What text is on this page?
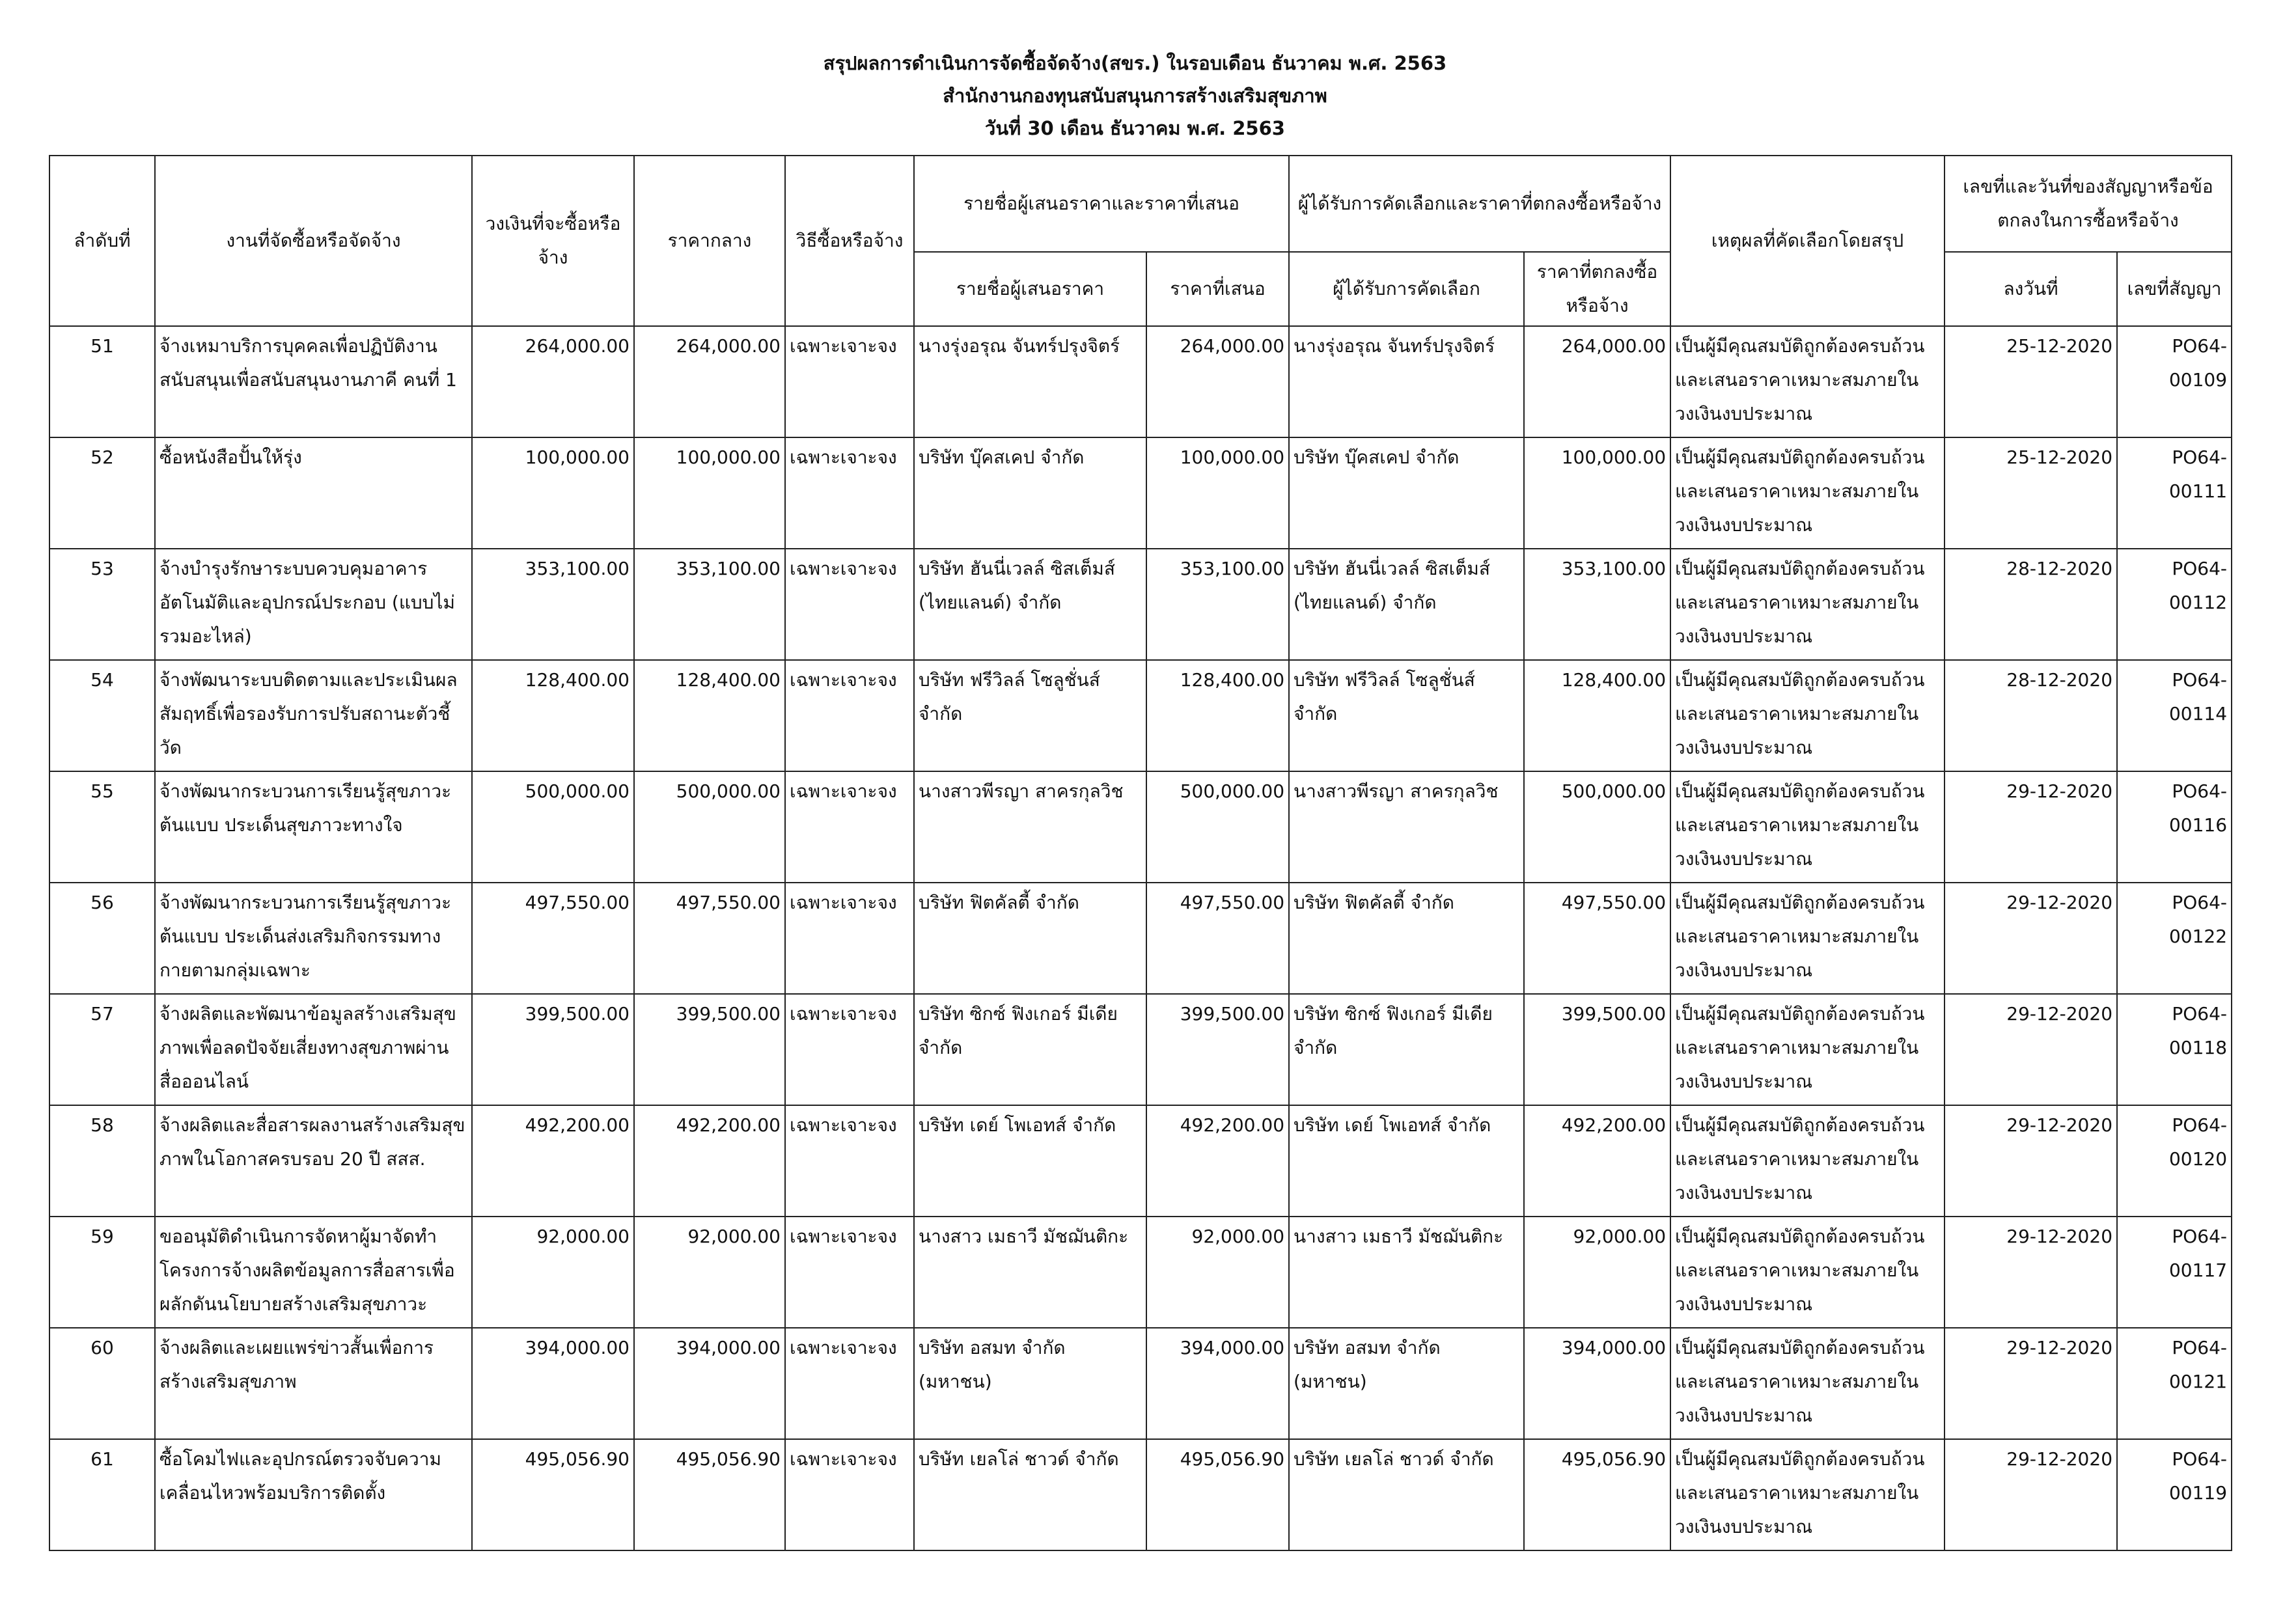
สรุปผลการดำเนินการจัดซื้อจัดจ้าง(สขร.) ในรอบเดือน ธันวาคม พ.ศ. 2563
สำนักงานกองทุนสนับสนุนการสร้างเสริมสุขภาพ
วันที่ 30 เดือน ธันวาคม พ.ศ. 2563
ลำดับที่	งานที่จัดซื้อหรือจัดจ้าง	วงเงินที่จะซื้อหรือจ้าง	ราคากลาง	วิธีซื้อหรือจ้าง	รายชื่อผู้เสนอราคาและราคาที่เสนอ		ผู้ได้รับการคัดเลือกและราคาที่ตกลงซื้อหรือจ้าง		เหตุผลที่คัดเลือกโดยสรุป	เลขที่และวันที่ของสัญญาหรือข้อตกลงในการซื้อหรือจ้าง	
					รายชื่อผู้เสนอราคา	ราคาที่เสนอ	ผู้ได้รับการคัดเลือก	ราคาที่ตกลงซื้อหรือจ้าง		ลงวันที่	เลขที่สัญญา
51	จ้างเหมาบริการบุคคลเพื่อปฏิบัติงานสนับสนุนเพื่อสนับสนุนงานภาคี คนที่ 1	264,000.00	264,000.00	เฉพาะเจาะจง	นางรุ่งอรุณ จันทร์ปรุงจิตร์	264,000.00	นางรุ่งอรุณ จันทร์ปรุงจิตร์	264,000.00	เป็นผู้มีคุณสมบัติถูกต้องครบถ้วนและเสนอราคาเหมาะสมภายในวงเงินงบประมาณ	25-12-2020	PO64-00109
52	ซื้อหนังสือปั้นให้รุ่ง	100,000.00	100,000.00	เฉพาะเจาะจง	บริษัท บุ๊คสเคป จำกัด	100,000.00	บริษัท บุ๊คสเคป จำกัด	100,000.00	เป็นผู้มีคุณสมบัติถูกต้องครบถ้วนและเสนอราคาเหมาะสมภายในวงเงินงบประมาณ	25-12-2020	PO64-00111
53	จ้างบำรุงรักษาระบบควบคุมอาคารอัตโนมัติและอุปกรณ์ประกอบ (แบบไม่รวมอะไหล่)	353,100.00	353,100.00	เฉพาะเจาะจง	บริษัท ฮันนี่เวลล์ ซิสเต็มส์ (ไทยแลนด์) จำกัด	353,100.00	บริษัท ฮันนี่เวลล์ ซิสเต็มส์ (ไทยแลนด์) จำกัด	353,100.00	เป็นผู้มีคุณสมบัติถูกต้องครบถ้วนและเสนอราคาเหมาะสมภายในวงเงินงบประมาณ	28-12-2020	PO64-00112
54	จ้างพัฒนาระบบติดตามและประเมินผลสัมฤทธิ์เพื่อรองรับการปรับสถานะตัวชี้วัด	128,400.00	128,400.00	เฉพาะเจาะจง	บริษัท ฟรีวิลล์ โซลูชั่นส์ จำกัด	128,400.00	บริษัท ฟรีวิลล์ โซลูชั่นส์ จำกัด	128,400.00	เป็นผู้มีคุณสมบัติถูกต้องครบถ้วนและเสนอราคาเหมาะสมภายในวงเงินงบประมาณ	28-12-2020	PO64-00114
55	จ้างพัฒนากระบวนการเรียนรู้สุขภาวะต้นแบบ ประเด็นสุขภาวะทางใจ	500,000.00	500,000.00	เฉพาะเจาะจง	นางสาวพีรญา สาครกุลวิช	500,000.00	นางสาวพีรญา สาครกุลวิช	500,000.00	เป็นผู้มีคุณสมบัติถูกต้องครบถ้วนและเสนอราคาเหมาะสมภายในวงเงินงบประมาณ	29-12-2020	PO64-00116
56	จ้างพัฒนากระบวนการเรียนรู้สุขภาวะต้นแบบ ประเด็นส่งเสริมกิจกรรมทางกายตามกลุ่มเฉพาะ	497,550.00	497,550.00	เฉพาะเจาะจง	บริษัท ฟิตคัลตี้ จำกัด	497,550.00	บริษัท ฟิตคัลตี้ จำกัด	497,550.00	เป็นผู้มีคุณสมบัติถูกต้องครบถ้วนและเสนอราคาเหมาะสมภายในวงเงินงบประมาณ	29-12-2020	PO64-00122
57	จ้างผลิตและพัฒนาข้อมูลสร้างเสริมสุขภาพเพื่อลดปัจจัยเสี่ยงทางสุขภาพผ่านสื่อออนไลน์	399,500.00	399,500.00	เฉพาะเจาะจง	บริษัท ซิกซ์ ฟิงเกอร์ มีเดีย จำกัด	399,500.00	บริษัท ซิกซ์ ฟิงเกอร์ มีเดีย จำกัด	399,500.00	เป็นผู้มีคุณสมบัติถูกต้องครบถ้วนและเสนอราคาเหมาะสมภายในวงเงินงบประมาณ	29-12-2020	PO64-00118
58	จ้างผลิตและสื่อสารผลงานสร้างเสริมสุขภาพในโอกาสครบรอบ 20 ปี สสส.	492,200.00	492,200.00	เฉพาะเจาะจง	บริษัท เดย์ โพเอทส์ จำกัด	492,200.00	บริษัท เดย์ โพเอทส์ จำกัด	492,200.00	เป็นผู้มีคุณสมบัติถูกต้องครบถ้วนและเสนอราคาเหมาะสมภายในวงเงินงบประมาณ	29-12-2020	PO64-00120
59	ขออนุมัติดำเนินการจัดหาผู้มาจัดทำโครงการจ้างผลิตข้อมูลการสื่อสารเพื่อผลักดันนโยบายสร้างเสริมสุขภาวะ	92,000.00	92,000.00	เฉพาะเจาะจง	นางสาว เมธาวี มัชฌันติกะ	92,000.00	นางสาว เมธาวี มัชฌันติกะ	92,000.00	เป็นผู้มีคุณสมบัติถูกต้องครบถ้วนและเสนอราคาเหมาะสมภายในวงเงินงบประมาณ	29-12-2020	PO64-00117
60	จ้างผลิตและเผยแพร่ข่าวสั้นเพื่อการสร้างเสริมสุขภาพ	394,000.00	394,000.00	เฉพาะเจาะจง	บริษัท อสมท จำกัด (มหาชน)	394,000.00	บริษัท อสมท จำกัด (มหาชน)	394,000.00	เป็นผู้มีคุณสมบัติถูกต้องครบถ้วนและเสนอราคาเหมาะสมภายในวงเงินงบประมาณ	29-12-2020	PO64-00121
61	ซื้อโคมไฟและอุปกรณ์ตรวจจับความเคลื่อนไหวพร้อมบริการติดตั้ง	495,056.90	495,056.90	เฉพาะเจาะจง	บริษัท เยลโล่ ชาวด์ จำกัด	495,056.90	บริษัท เยลโล่ ชาวด์ จำกัด	495,056.90	เป็นผู้มีคุณสมบัติถูกต้องครบถ้วนและเสนอราคาเหมาะสมภายในวงเงินงบประมาณ	29-12-2020	PO64-00119
